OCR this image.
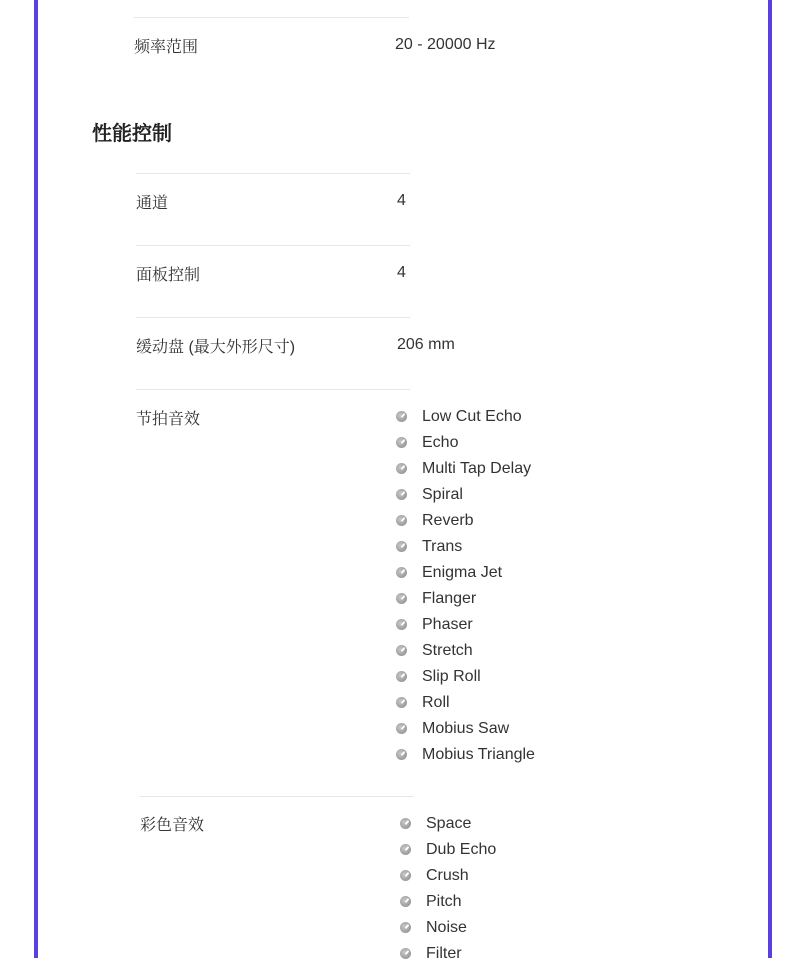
频率范围	20 - 20000 Hz
性能控制
通道	4
面板控制	4
缓动盘 (最大外形尺寸)	206 mm
节拍音效	Low Cut Echo
Echo
Multi Tap Delay
Spiral
Reverb
Trans
Enigma Jet
Flanger
Phaser
Stretch
Slip Roll
Roll
Mobius Saw
Mobius Triangle
彩色音效	Space
Dub Echo
Crush
Pitch
Noise
Filter
